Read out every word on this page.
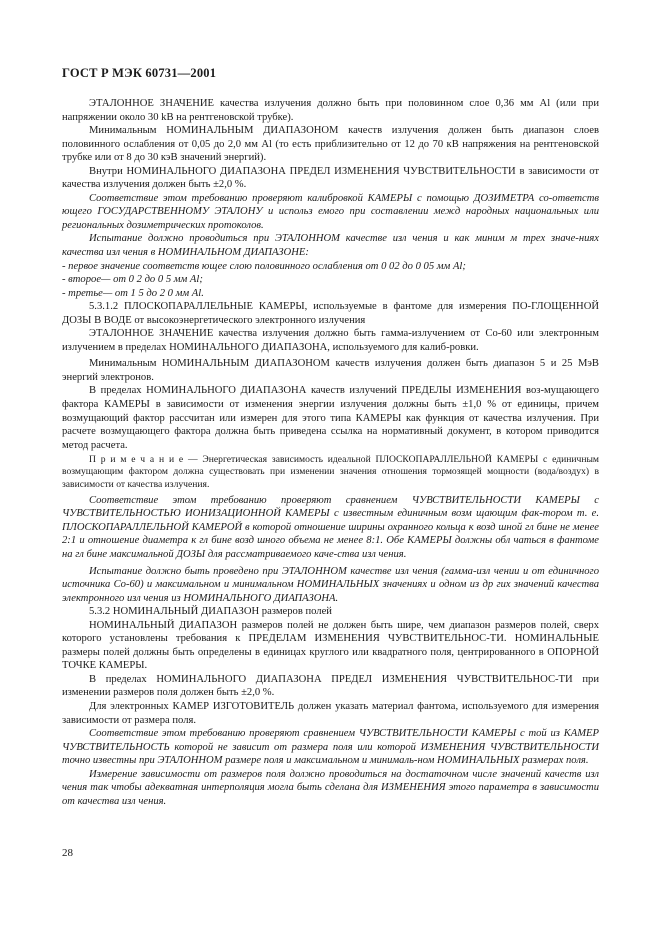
ГОСТ Р МЭК 60731—2001

ЭТАЛОННОЕ ЗНАЧЕНИЕ качества излучения должно быть при половинном слое 0,36 мм Al (или при напряжении около 30 kВ на рентгеновской трубке).

Минимальным НОМИНАЛЬНЫМ ДИАПАЗОНОМ качеств излучения должен быть диапазон слоев половинного ослабления от 0,05 до 2,0 мм Al (то есть приблизительно от 12 до 70 кВ напряжения на рентгеновской трубке или от 8 до 30 кэВ значений энергий).

Внутри НОМИНАЛЬНОГО ДИАПАЗОНА ПРЕДЕЛ ИЗМЕНЕНИЯ ЧУВСТВИТЕЛЬНОСТИ в зависимости от качества излучения должен быть ±2,0 %.

Соответствие этом требованию проверяют калибровкой КАМЕРЫ с помощью ДОЗИМЕТРА со-ответств ющего ГОСУДАРСТВЕННОМУ ЭТАЛОНУ и использ емого при составлении межд народных национальных или региональных дозиметрических протоколов.

Испытание должно проводиться при ЭТАЛОННОМ качестве изл чения и как миним м трех значе-ниях качества изл чения в НОМИНАЛЬНОМ ДИАПАЗОНЕ:

- первое значение соответств ющее слою половинного ослабления от 0 02 до 0 05 мм Al;

- второе— от 0 2 до 0 5 мм Al;

- третье— от 1 5 до 2 0 мм Al.

5.3.1.2 ПЛОСКОПАРАЛЛЕЛЬНЫЕ КАМЕРЫ, используемые в фантоме для измерения ПО-ГЛОЩЕННОЙ ДОЗЫ В ВОДЕ от высокоэнергетического электронного излучения

ЭТАЛОННОЕ ЗНАЧЕНИЕ качества излучения должно быть гамма-излучением от Co-60 или электронным излучением в пределах НОМИНАЛЬНОГО ДИАПАЗОНА, используемого для калиб-ровки.

Минимальным НОМИНАЛЬНЫМ ДИАПАЗОНОМ качеств излучения должен быть диапазон 5 и 25 МэВ энергий электронов.

В пределах НОМИНАЛЬНОГО ДИАПАЗОНА качеств излучений ПРЕДЕЛЫ ИЗМЕНЕНИЯ воз-мущающего фактора КАМЕРЫ в зависимости от изменения энергии излучения должны быть ±1,0 % от единицы, причем возмущающий фактор рассчитан или измерен для этого типа КАМЕРЫ как функция от качества излучения. При расчете возмущающего фактора должна быть приведена ссылка на нормативный документ, в котором приводится метод расчета.

П р и м е ч а н и е — Энергетическая зависимость идеальной ПЛОСКОПАРАЛЛЕЛЬНОЙ КАМЕРЫ с единичным возмущающим фактором должна существовать при изменении значения отношения тормозящей мощности (вода/воздух) в зависимости от качества излучения.

Соответствие этом требованию проверяют сравнением ЧУВСТВИТЕЛЬНОСТИ КАМЕРЫ с ЧУВСТВИТЕЛЬНОСТЬЮ ИОНИЗАЦИОННОЙ КАМЕРЫ с известным единичным возм щающим фак-тором т. е. ПЛОСКОПАРАЛЛЕЛЬНОЙ КАМЕРОЙ в которой отношение ширины охранного кольца к возд шной гл бине не менее 2:1 и отношение диаметра к гл бине возд шного объема не менее 8:1. Обе КАМЕРЫ должны обл чаться в фантоме на гл бине максимальной ДОЗЫ для рассматриваемого каче-ства изл чения.

Испытание должно быть проведено при ЭТАЛОННОМ качестве изл чения (гамма-изл чении и от единичного источника Co-60) и максимальном и минимальном НОМИНАЛЬНЫХ значениях и одном из др гих значений качества электронного изл чения из НОМИНАЛЬНОГО ДИАПАЗОНА.

5.3.2 НОМИНАЛЬНЫЙ ДИАПАЗОН размеров полей

НОМИНАЛЬНЫЙ ДИАПАЗОН размеров полей не должен быть шире, чем диапазон размеров полей, сверх которого установлены требования к ПРЕДЕЛАМ ИЗМЕНЕНИЯ ЧУВСТВИТЕЛЬНОС-ТИ. НОМИНАЛЬНЫЕ размеры полей должны быть определены в единицах круглого или квадратного поля, центрированного в ОПОРНОЙ ТОЧКЕ КАМЕРЫ.

В пределах НОМИНАЛЬНОГО ДИАПАЗОНА ПРЕДЕЛ ИЗМЕНЕНИЯ ЧУВСТВИТЕЛЬНОС-ТИ при изменении размеров поля должен быть ±2,0 %.

Для электронных КАМЕР ИЗГОТОВИТЕЛЬ должен указать материал фантома, используемого для измерения зависимости от размера поля.

Соответствие этом требованию проверяют сравнением ЧУВСТВИТЕЛЬНОСТИ КАМЕРЫ с той из КАМЕР ЧУВСТВИТЕЛЬНОСТЬ которой не зависит от размера поля или которой ИЗМЕНЕНИЯ ЧУВСТВИТЕЛЬНОСТИ точно известны при ЭТАЛОННОМ размере поля и максимальном и минималь-ном НОМИНАЛЬНЫХ размерах поля.

Измерение зависимости от размеров поля должно проводиться на достаточном числе значений качеств изл чения так чтобы адекватная интерполяция могла быть сделана для ИЗМЕНЕНИЯ этого параметра в зависимости от качества изл чения.

28
